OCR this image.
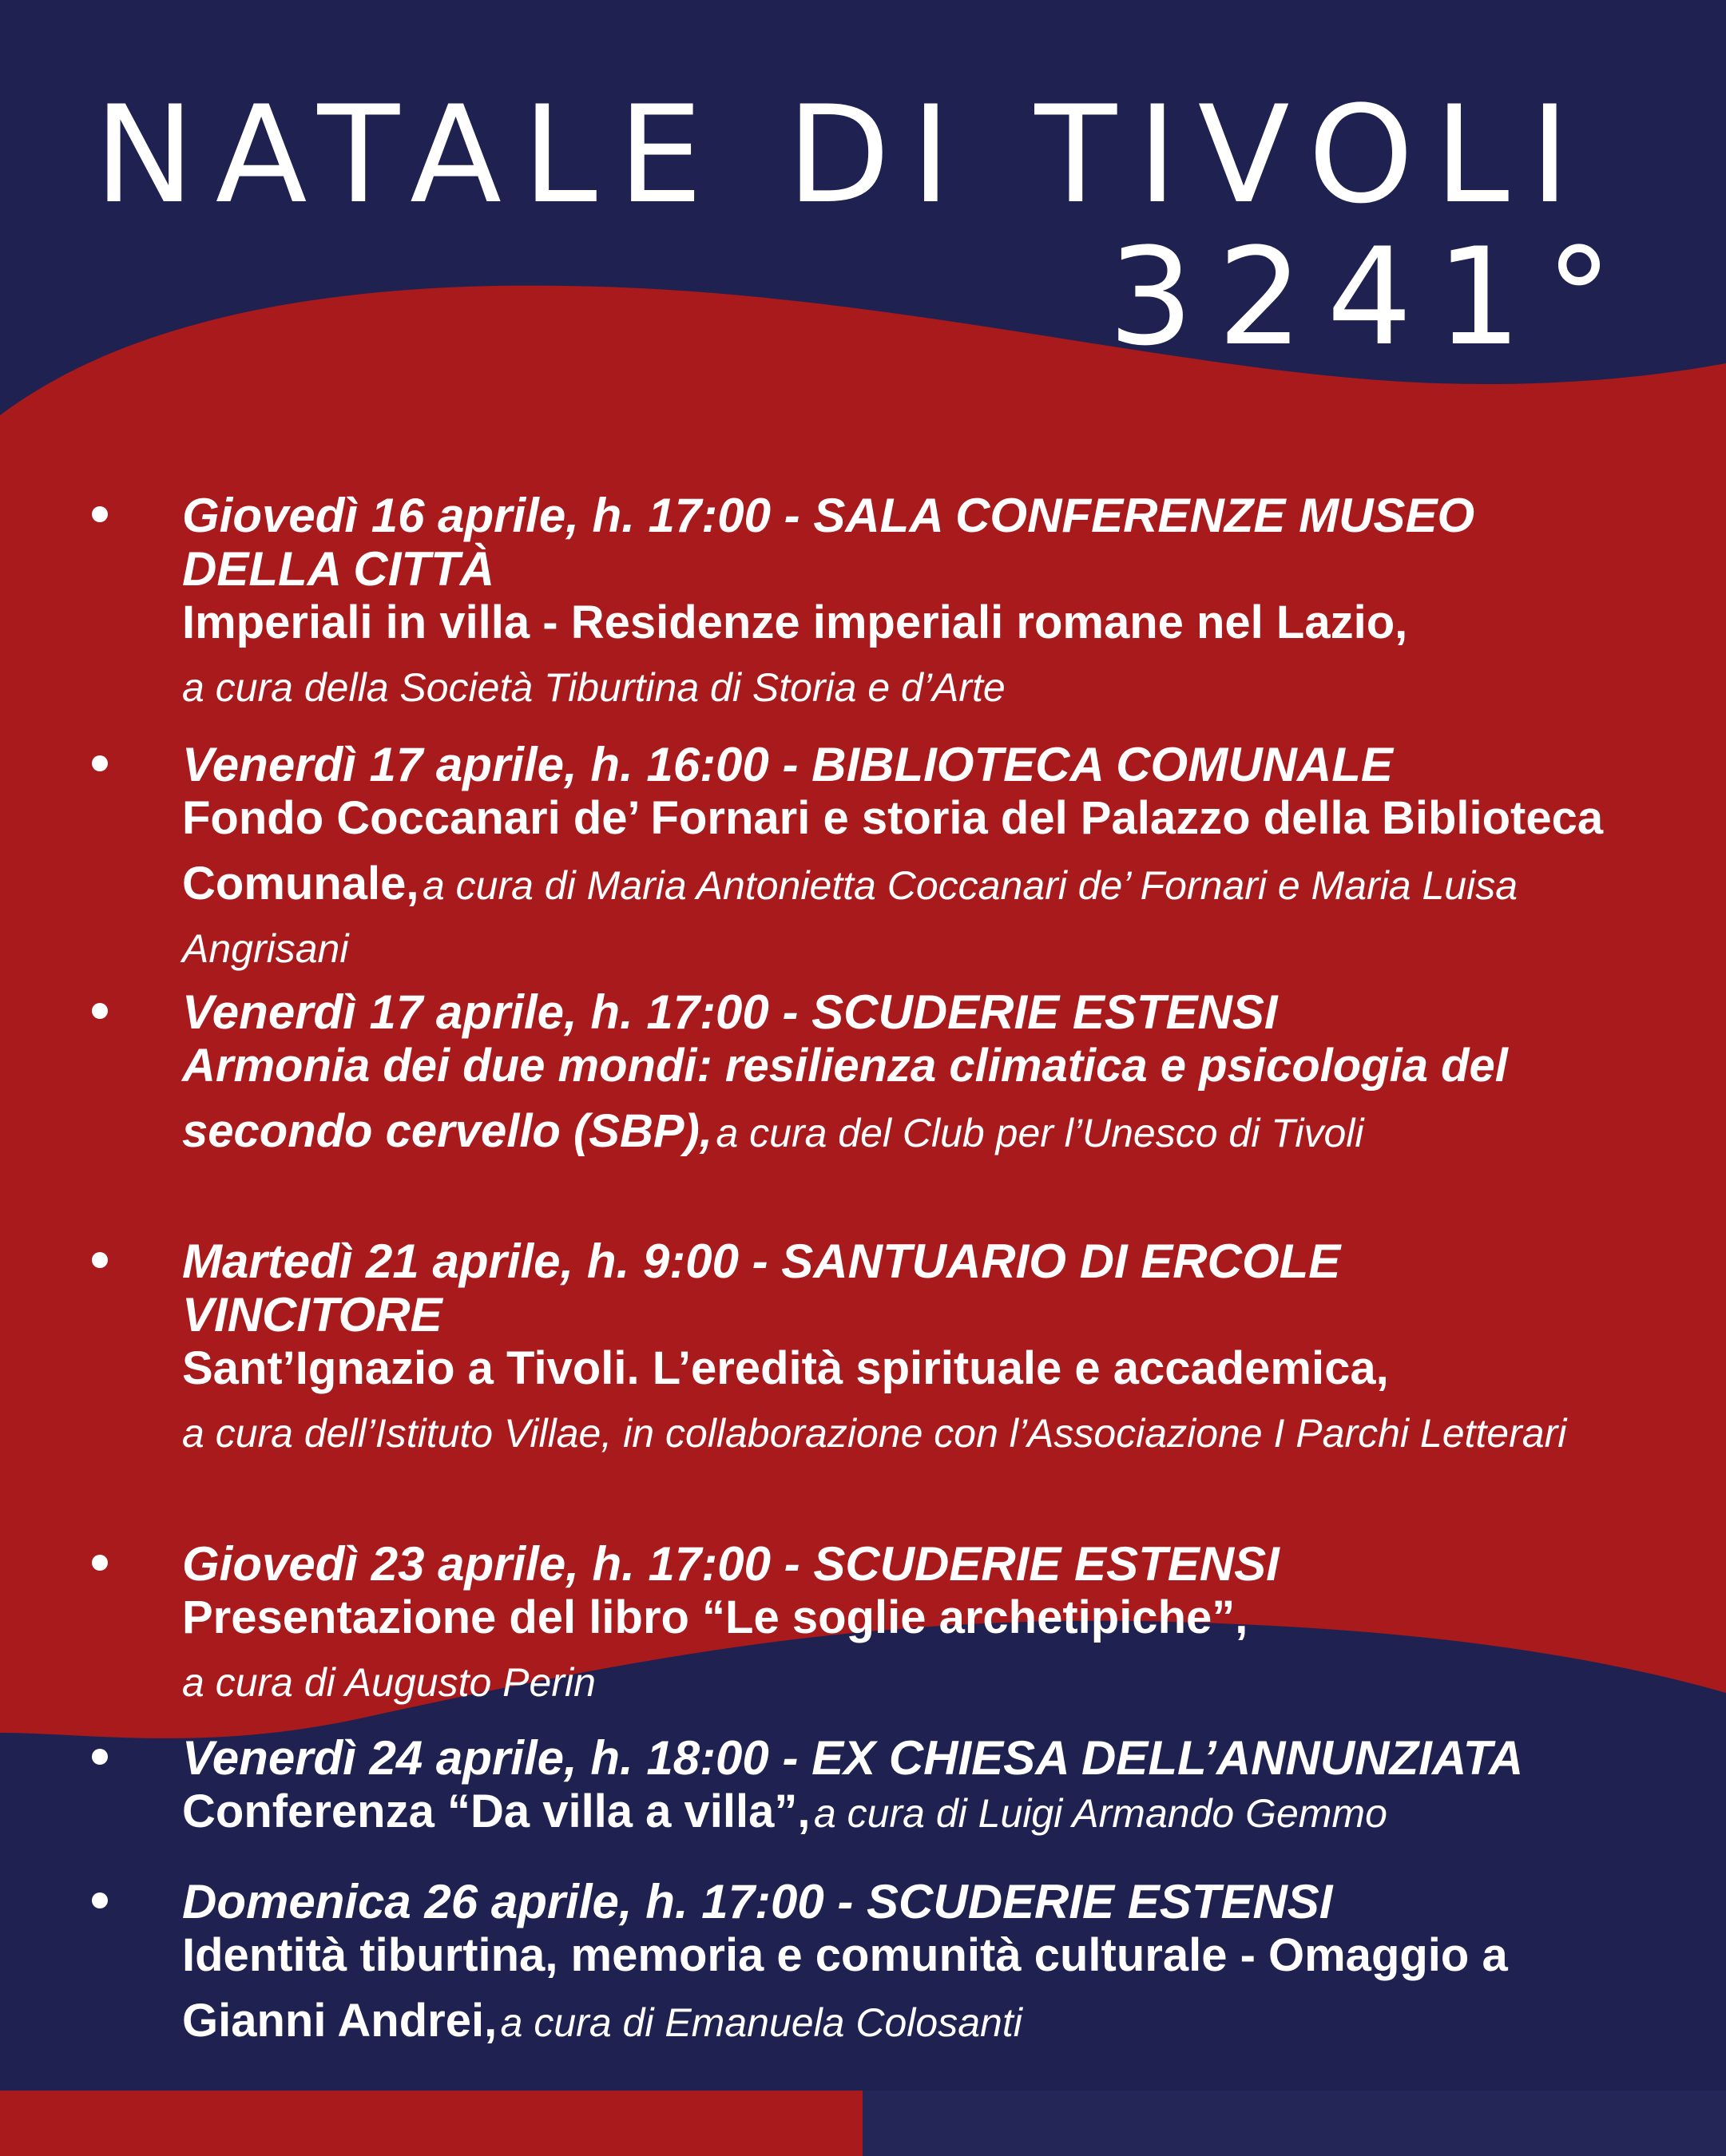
NATALE DI TIVOLI
3241°
Giovedì 16 aprile, h. 17:00 - SALA CONFERENZE MUSEO DELLA CITTÀ
Imperiali in villa - Residenze imperiali romane nel Lazio,
a cura della Società Tiburtina di Storia e d’Arte
Venerdì 17 aprile, h. 16:00 - BIBLIOTECA COMUNALE
Fondo Coccanari de’ Fornari e storia del Palazzo della Biblioteca Comunale, a cura di Maria Antonietta Coccanari de’ Fornari e Maria Luisa Angrisani
Venerdì 17 aprile, h. 17:00 - SCUDERIE ESTENSI
Armonia dei due mondi: resilienza climatica e psicologia del secondo cervello (SBP), a cura del Club per l’Unesco di Tivoli
Martedì 21 aprile, h. 9:00 - SANTUARIO DI ERCOLE VINCITORE
Sant’Ignazio a Tivoli. L’eredità spirituale e accademica,
a cura dell’Istituto Villae, in collaborazione con l’Associazione I Parchi Letterari
Giovedì 23 aprile, h. 17:00 - SCUDERIE ESTENSI
Presentazione del libro “Le soglie archetipiche”,
a cura di Augusto Perin
Venerdì 24 aprile, h. 18:00 - EX CHIESA DELL’ANNUNZIATA
Conferenza “Da villa a villa”, a cura di Luigi Armando Gemmo
Domenica 26 aprile, h. 17:00 - SCUDERIE ESTENSI
Identità tiburtina, memoria e comunità culturale - Omaggio a Gianni Andrei, a cura di Emanuela Colosanti
